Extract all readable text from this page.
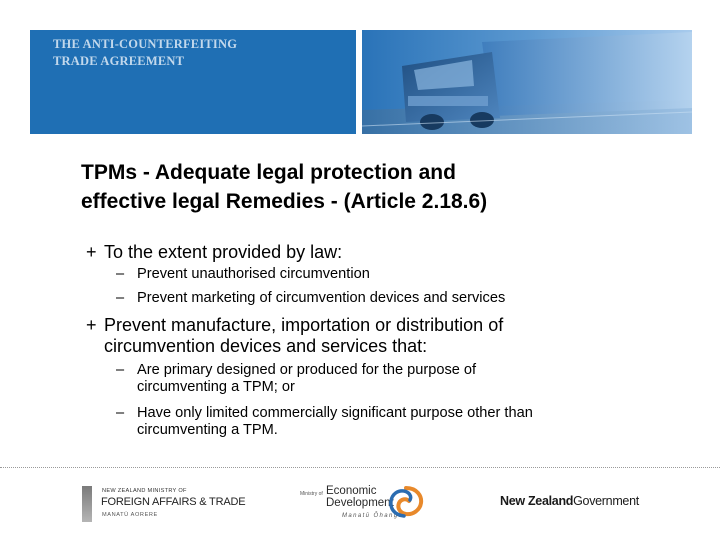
THE ANTI-COUNTERFEITING
TRADE AGREEMENT
TPMs - Adequate legal protection and
effective legal Remedies - (Article 2.18.6)
+ To the extent provided by law:
– Prevent unauthorised circumvention
– Prevent marketing of circumvention devices and services
+ Prevent manufacture, importation or distribution of
circumvention devices and services that:
– Are primary designed or produced for the purpose of
circumventing a TPM; or
– Have only limited commercially significant purpose other than
circumventing a TPM.
NEW ZEALAND MINISTRY OF
FOREIGN AFFAIRS & TRADE
MANATŪ AORERE
Ministry of Economic
Development
Manatū Ōhanga
New ZealandGovernment
